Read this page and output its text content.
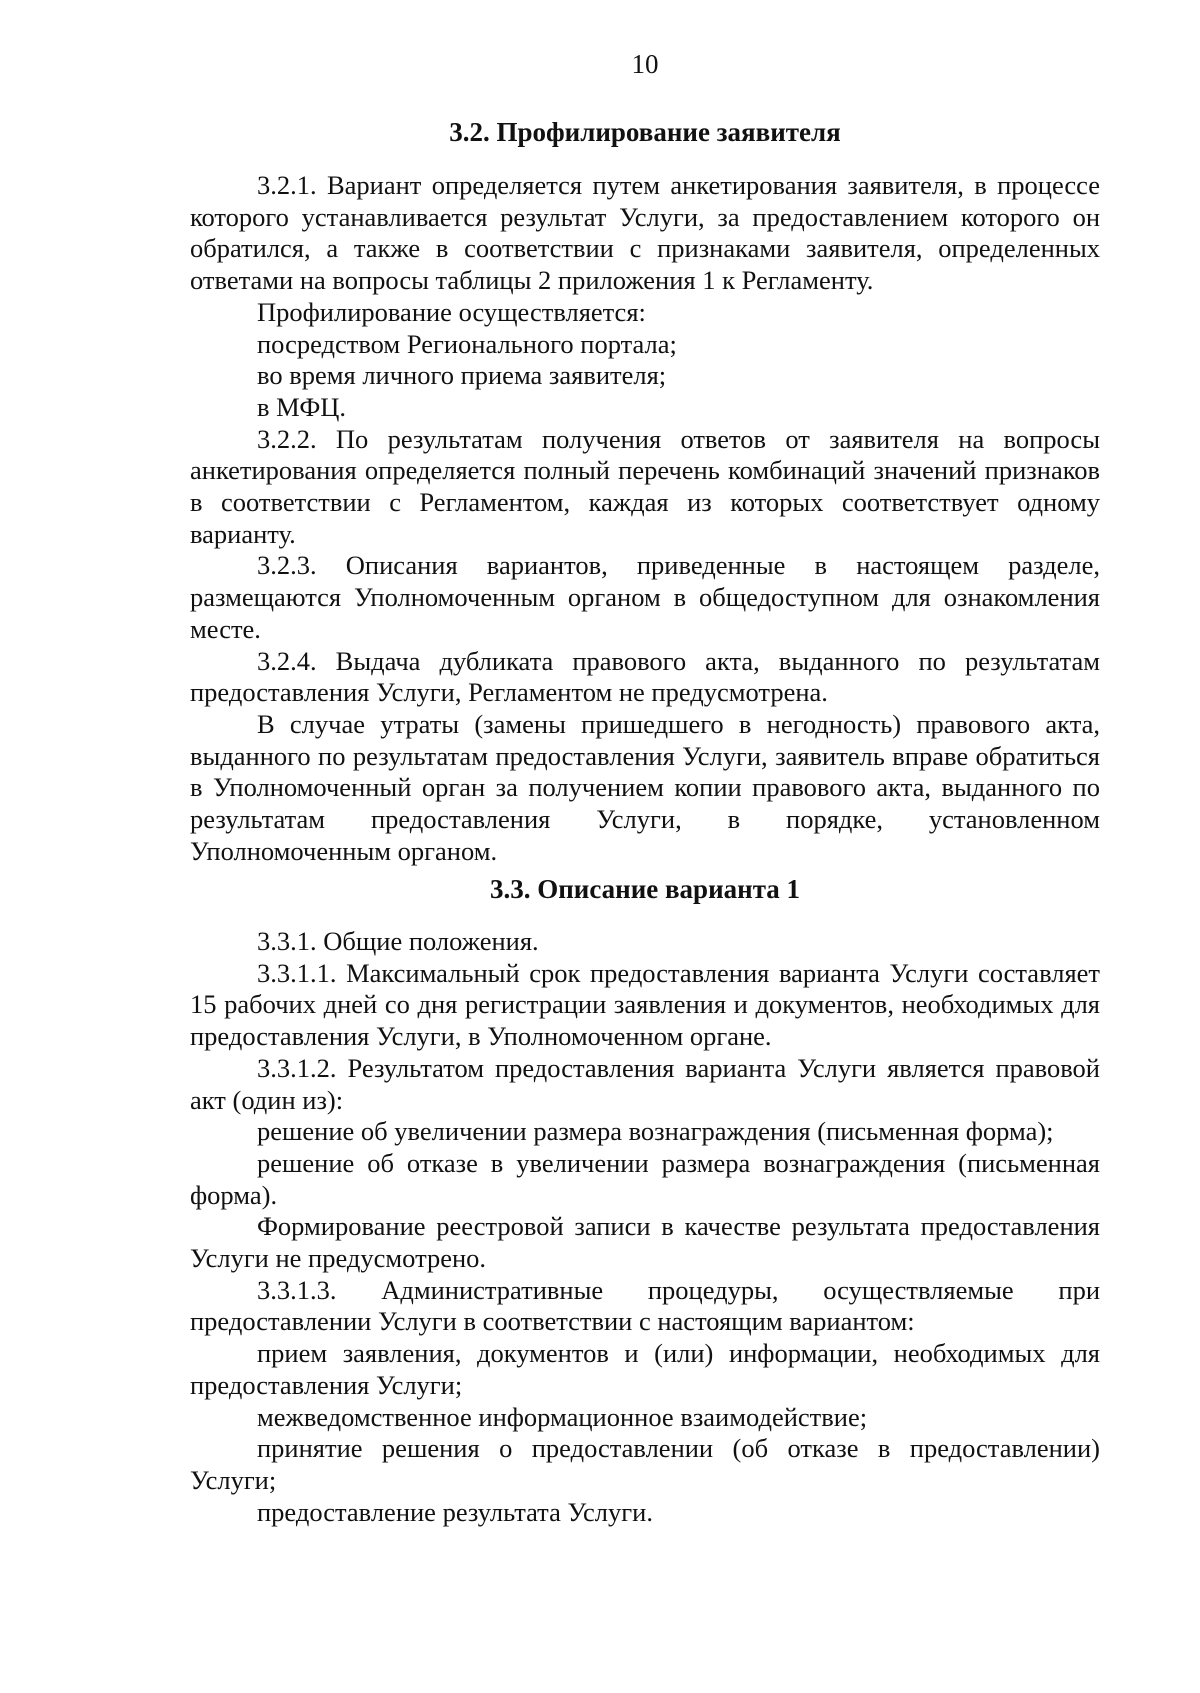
10
3.2. Профилирование заявителя

3.2.1. Вариант определяется путем анкетирования заявителя, в процессе которого устанавливается результат Услуги, за предоставлением которого он обратился, а также в соответствии с признаками заявителя, определенных ответами на вопросы таблицы 2 приложения 1 к Регламенту.

Профилирование осуществляется:

посредством Регионального портала;

во время личного приема заявителя;

в МФЦ.

3.2.2. По результатам получения ответов от заявителя на вопросы анкетирования определяется полный перечень комбинаций значений признаков в соответствии с Регламентом, каждая из которых соответствует одному варианту.

3.2.3. Описания вариантов, приведенные в настоящем разделе, размещаются Уполномоченным органом в общедоступном для ознакомления месте.

3.2.4. Выдача дубликата правового акта, выданного по результатам предоставления Услуги, Регламентом не предусмотрена.

В случае утраты (замены пришедшего в негодность) правового акта, выданного по результатам предоставления Услуги, заявитель вправе обратиться в Уполномоченный орган за получением копии правового акта, выданного по результатам предоставления Услуги, в порядке, установленном Уполномоченным органом.

3.3. Описание варианта 1

3.3.1. Общие положения.

3.3.1.1. Максимальный срок предоставления варианта Услуги составляет 15 рабочих дней со дня регистрации заявления и документов, необходимых для предоставления Услуги, в Уполномоченном органе.

3.3.1.2. Результатом предоставления варианта Услуги является правовой акт (один из):

решение об увеличении размера вознаграждения (письменная форма);

решение об отказе в увеличении размера вознаграждения (письменная форма).

Формирование реестровой записи в качестве результата предоставления Услуги не предусмотрено.

3.3.1.3. Административные процедуры, осуществляемые при предоставлении Услуги в соответствии с настоящим вариантом:

прием заявления, документов и (или) информации, необходимых для предоставления Услуги;

межведомственное информационное взаимодействие;

принятие решения о предоставлении (об отказе в предоставлении) Услуги;

предоставление результата Услуги.
